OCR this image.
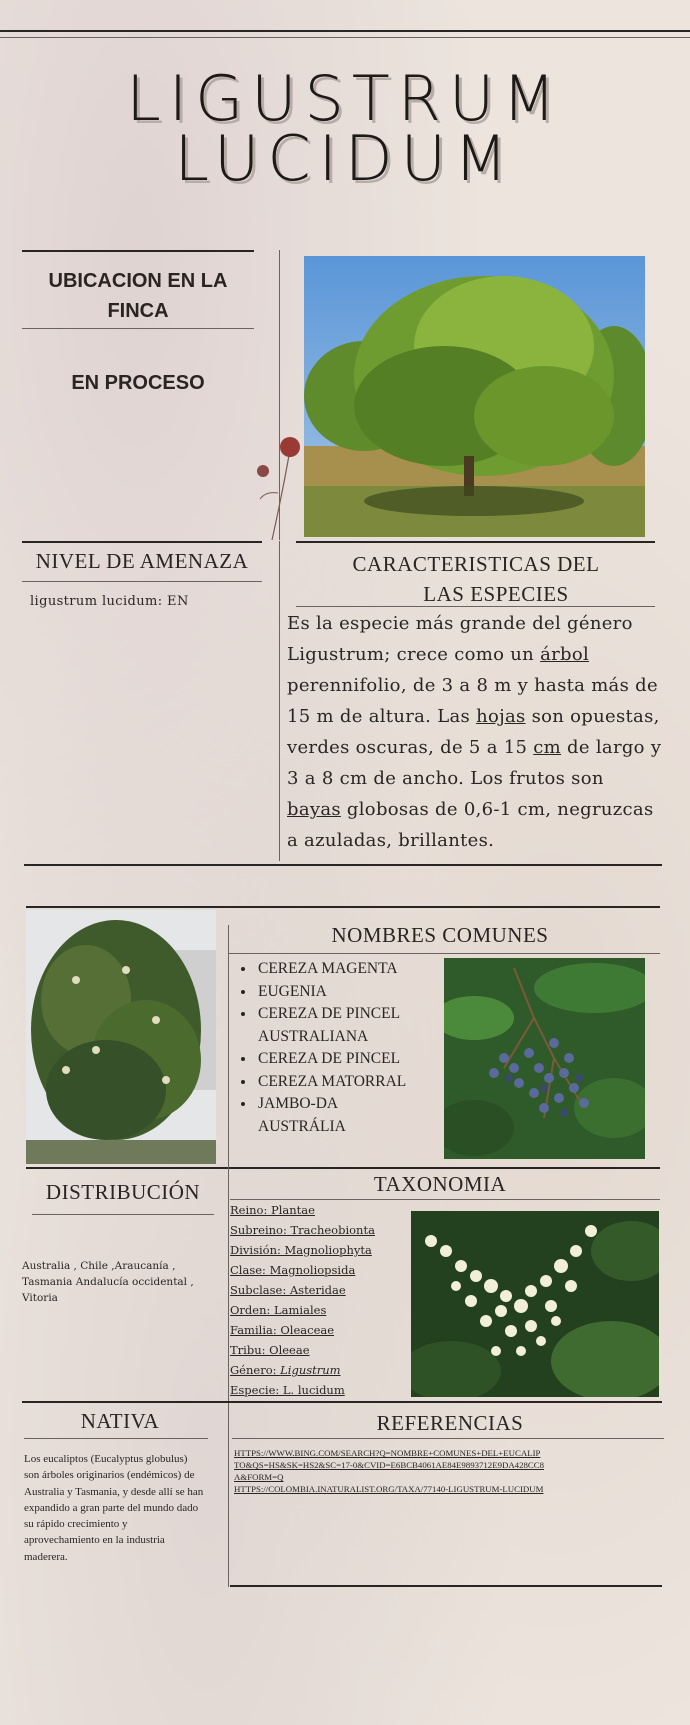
LIGUSTRUM
LUCIDUM
UBICACION EN LA FINCA
EN PROCESO
NIVEL DE AMENAZA
ligustrum lucidum: EN
CARACTERISTICAS DEL
LAS ESPECIES
Es la especie más grande del género Ligustrum; crece como un árbol perennifolio, de 3 a 8 m y hasta más de 15 m de altura. Las hojas son opuestas, verdes oscuras, de 5 a 15 cm de largo y 3 a 8 cm de ancho. Los frutos son bayas globosas de 0,6-1 cm, negruzcas a azuladas, brillantes.
NOMBRES COMUNES
• CEREZA MAGENTA
• EUGENIA
• CEREZA DE PINCEL AUSTRALIANA
• CEREZA DE PINCEL
• CEREZA MATORRAL
• JAMBO-DA AUSTRÁLIA
DISTRIBUCIÓN
Australia , Chile ,Araucanía , Tasmania Andalucía occidental , Vitoria
TAXONOMIA
Reino: Plantae
Subreino: Tracheobionta
División: Magnoliophyta
Clase: Magnoliopsida
Subclase: Asteridae
Orden: Lamiales
Familia: Oleaceae
Tribu: Oleeae
Género: Ligustrum
Especie: L. lucidum
NATIVA
Los eucaliptos (Eucalyptus globulus) son árboles originarios (endémicos) de Australia y Tasmania, y desde allí se han expandido a gran parte del mundo dado su rápido crecimiento y aprovechamiento en la industria maderera.
REFERENCIAS
HTTPS://WWW.BING.COM/SEARCH?Q=NOMBRE+COMUNES+DEL+EUCALIPTO&QS=HS&SK=HS2&SC=17-0&CVID=E6BCB4061AE84E9893712E9DA428CC8A&FORM=Q
HTTPS://COLOMBIA.INATURALIST.ORG/TAXA/77140-LIGUSTRUM-LUCIDUM
